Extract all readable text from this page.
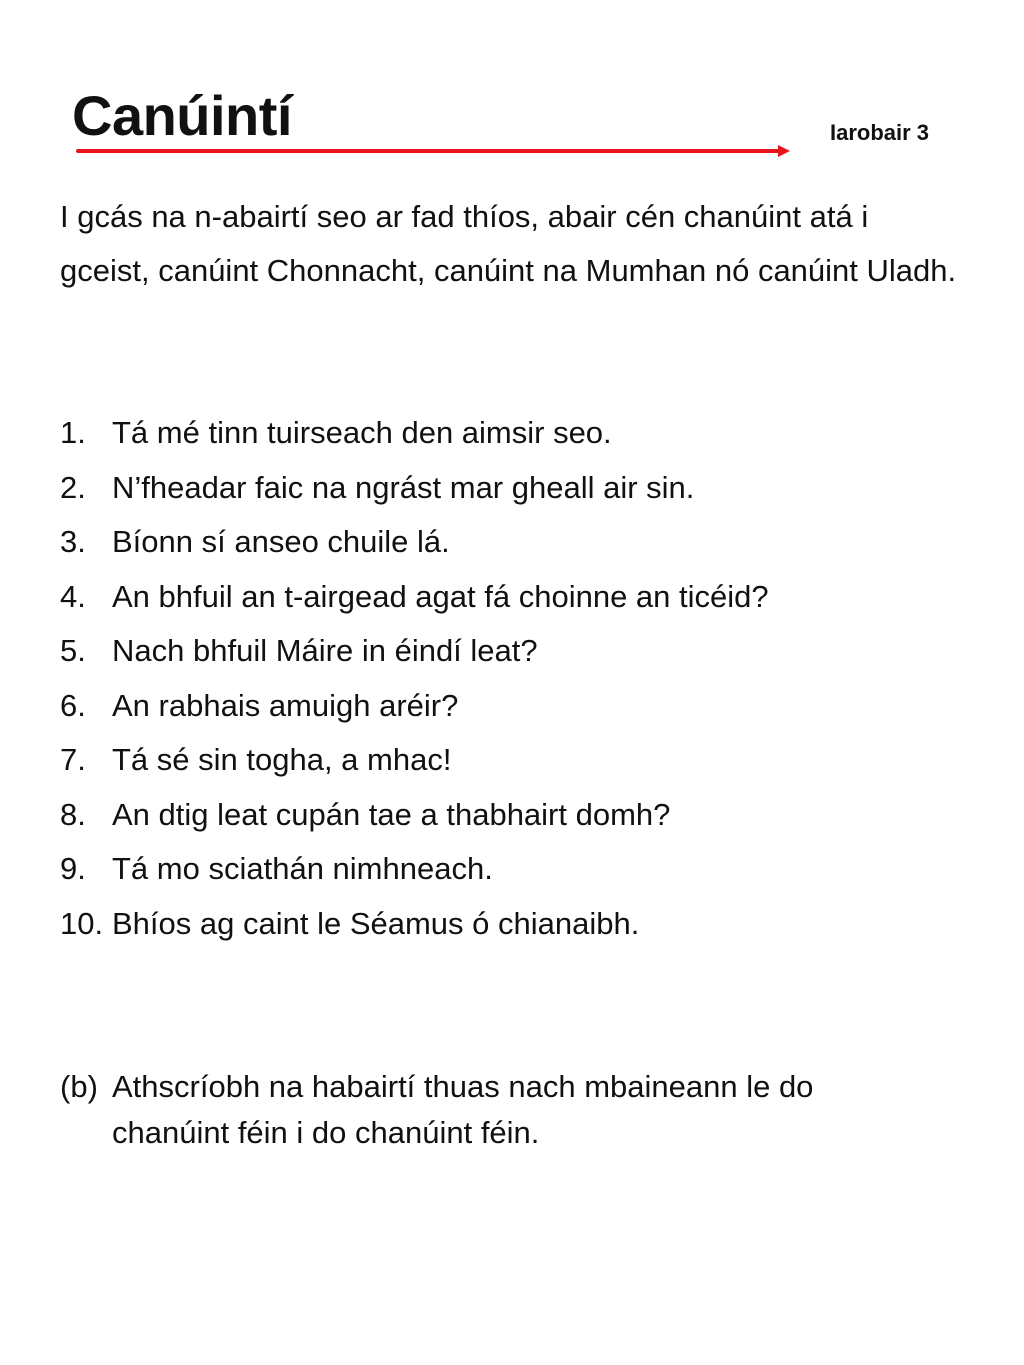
Canúintí	Iarobair 3

I gcás na n-abairtí seo ar fad thíos, abair cén chanúint atá i gceist, canúint Chonnacht, canúint na Mumhan nó canúint Uladh.

1. Tá mé tinn tuirseach den aimsir seo.
2. N’fheadar faic na ngrást mar gheall air sin.
3. Bíonn sí anseo chuile lá.
4. An bhfuil an t-airgead agat fá choinne an ticéid?
5. Nach bhfuil Máire in éindí leat?
6. An rabhais amuigh aréir?
7. Tá sé sin togha, a mhac!
8. An dtig leat cupán tae a thabhairt domh?
9. Tá mo sciathán nimhneach.
10. Bhíos ag caint le Séamus ó chianaibh.
(b) Athscríobh na habairtí thuas nach mbaineann le do chanúint féin i do chanúint féin.
